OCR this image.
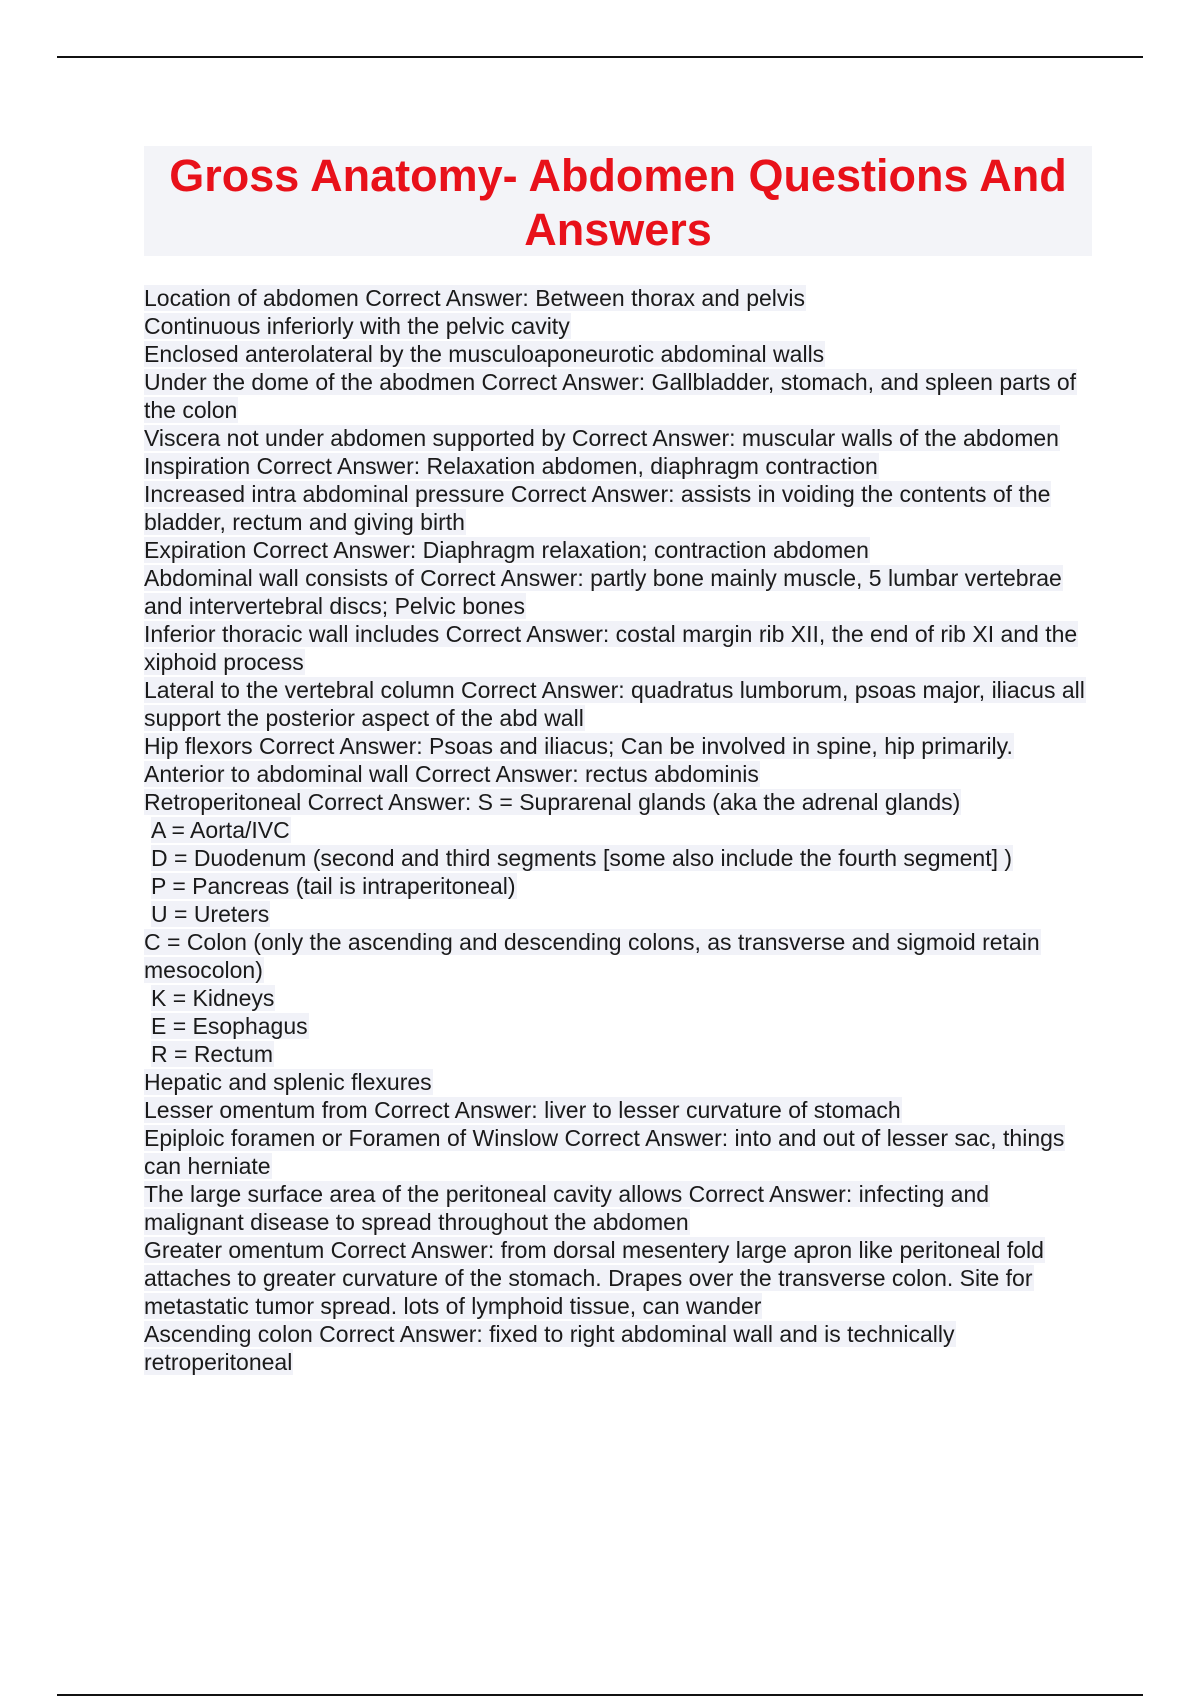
Gross Anatomy- Abdomen Questions And Answers

Location of abdomen Correct Answer: Between thorax and pelvis

Continuous inferiorly with the pelvic cavity

Enclosed anterolateral by the musculoaponeurotic abdominal walls

Under the dome of the abodmen Correct Answer: Gallbladder, stomach, and spleen parts of the colon

Viscera not under abdomen supported by Correct Answer: muscular walls of the abdomen

Inspiration Correct Answer: Relaxation abdomen, diaphragm contraction

Increased intra abdominal pressure Correct Answer: assists in voiding the contents of the bladder, rectum and giving birth

Expiration Correct Answer: Diaphragm relaxation; contraction abdomen

Abdominal wall consists of Correct Answer: partly bone mainly muscle, 5 lumbar vertebrae and intervertebral discs; Pelvic bones

Inferior thoracic wall includes Correct Answer: costal margin rib XII, the end of rib XI and the xiphoid process

Lateral to the vertebral column Correct Answer: quadratus lumborum, psoas major, iliacus all support the posterior aspect of the abd wall

Hip flexors Correct Answer: Psoas and iliacus; Can be involved in spine, hip primarily.

Anterior to abdominal wall Correct Answer: rectus abdominis

Retroperitoneal Correct Answer: S = Suprarenal glands (aka the adrenal glands)

A = Aorta/IVC

D = Duodenum (second and third segments [some also include the fourth segment] )

P = Pancreas (tail is intraperitoneal)

U = Ureters

C = Colon (only the ascending and descending colons, as transverse and sigmoid retain mesocolon)

K = Kidneys

E = Esophagus

R = Rectum

Hepatic and splenic flexures

Lesser omentum from Correct Answer: liver to lesser curvature of stomach

Epiploic foramen or Foramen of Winslow Correct Answer: into and out of lesser sac, things can herniate

The large surface area of the peritoneal cavity allows Correct Answer: infecting and malignant disease to spread throughout the abdomen

Greater omentum Correct Answer: from dorsal mesentery large apron like peritoneal fold attaches to greater curvature of the stomach. Drapes over the transverse colon. Site for metastatic tumor spread. lots of lymphoid tissue, can wander

Ascending colon Correct Answer: fixed to right abdominal wall and is technically retroperitoneal
